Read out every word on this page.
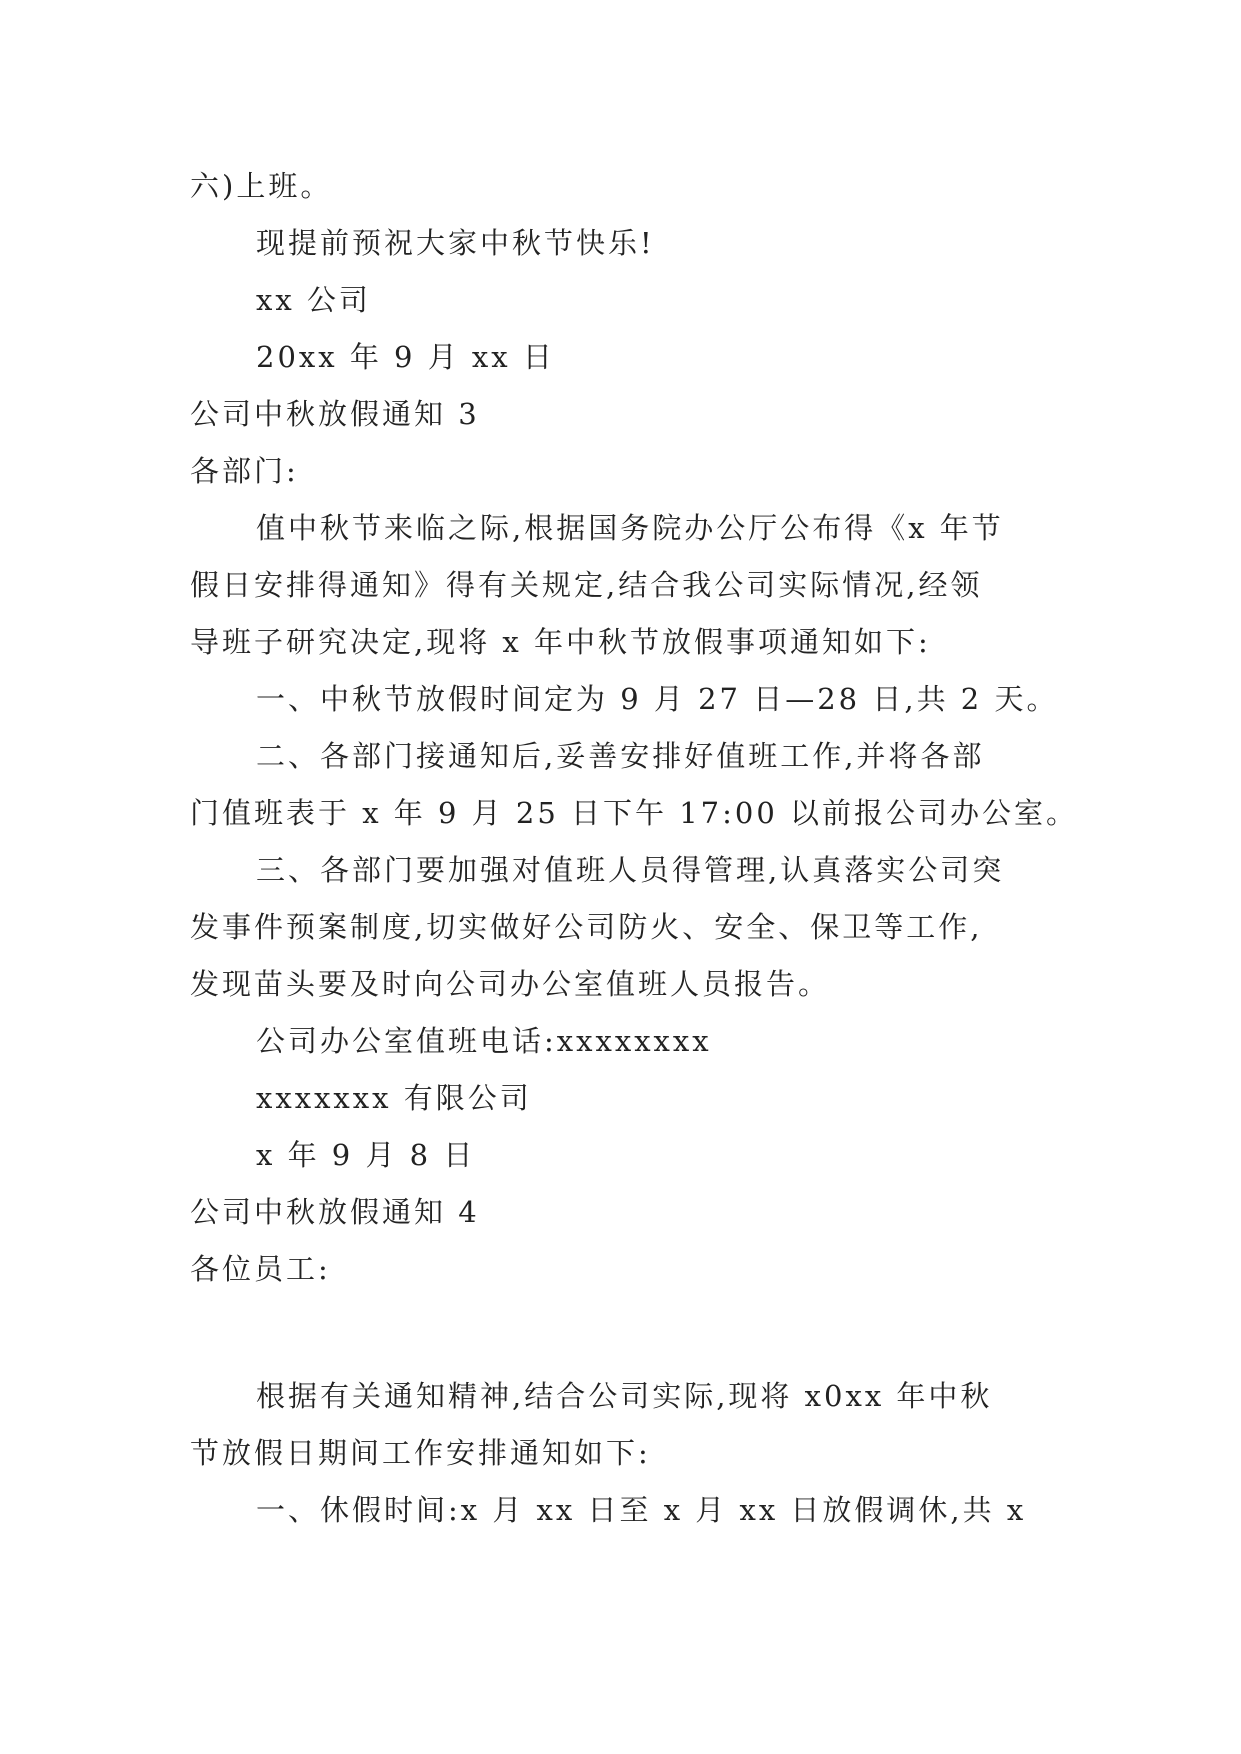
六)上班。
现提前预祝大家中秋节快乐!
xx 公司
20xx 年 9 月 xx 日
公司中秋放假通知 3
各部门:
值中秋节来临之际,根据国务院办公厅公布得《x 年节
假日安排得通知》得有关规定,结合我公司实际情况,经领
导班子研究决定,现将 x 年中秋节放假事项通知如下:
一、中秋节放假时间定为 9 月 27 日—28 日,共 2 天。
二、各部门接通知后,妥善安排好值班工作,并将各部
门值班表于 x 年 9 月 25 日下午 17:00 以前报公司办公室。
三、各部门要加强对值班人员得管理,认真落实公司突
发事件预案制度,切实做好公司防火、安全、保卫等工作,
发现苗头要及时向公司办公室值班人员报告。
公司办公室值班电话:xxxxxxxx
xxxxxxx 有限公司
x 年 9 月 8 日
公司中秋放假通知 4
各位员工:
根据有关通知精神,结合公司实际,现将 x0xx 年中秋
节放假日期间工作安排通知如下:
一、休假时间:x 月 xx 日至 x 月 xx 日放假调休,共 x
